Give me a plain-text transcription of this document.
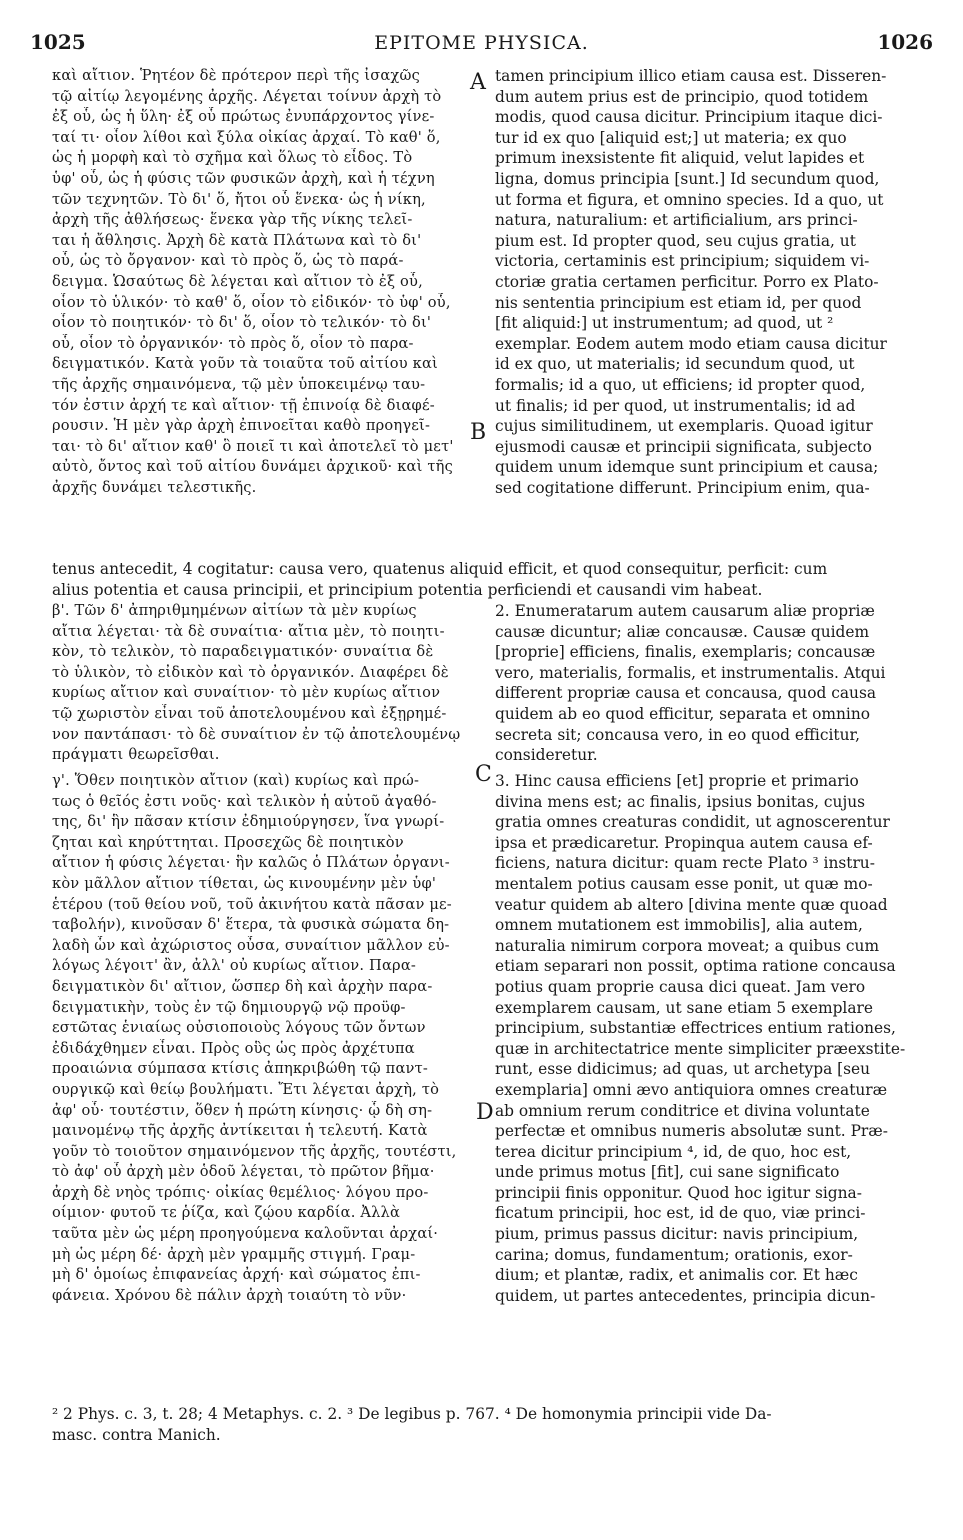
1025	EPITOME PHYSICA.	1026
A
B
C
D
καὶ αἴτιον. Ῥητέον δὲ πρότερον περὶ τῆς ἰσαχῶς
τῷ αἰτίῳ λεγομένης ἀρχῆς. Λέγεται τοίνυν ἀρχὴ τὸ
ἐξ οὗ, ὡς ἡ ὕλη· ἐξ οὗ πρώτως ἐνυπάρχοντος γίνε-
ταί τι· οἷον λίθοι καὶ ξύλα οἰκίας ἀρχαί. Τὸ καθ' ὅ,
ὡς ἡ μορφὴ καὶ τὸ σχῆμα καὶ ὅλως τὸ εἶδος. Τὸ
ὑφ' οὗ, ὡς ἡ φύσις τῶν φυσικῶν ἀρχὴ, καὶ ἡ τέχνη
τῶν τεχνητῶν. Τὸ δι' ὅ, ἤτοι οὗ ἕνεκα· ὡς ἡ νίκη,
ἀρχὴ τῆς ἀθλήσεως· ἕνεκα γὰρ τῆς νίκης τελεῖ-
ται ἡ ἄθλησις. Ἀρχὴ δὲ κατὰ Πλάτωνα καὶ τὸ δι'
οὗ, ὡς τὸ ὄργανον· καὶ τὸ πρὸς ὅ, ὡς τὸ παρά-
δειγμα. Ὡσαύτως δὲ λέγεται καὶ αἴτιον τὸ ἐξ οὗ,
οἷον τὸ ὑλικόν· τὸ καθ' ὅ, οἷον τὸ εἰδικόν· τὸ ὑφ' οὗ,
οἷον τὸ ποιητικόν· τὸ δι' ὅ, οἷον τὸ τελικόν· τὸ δι'
οὗ, οἷον τὸ ὀργανικόν· τὸ πρὸς ὅ, οἷον τὸ παρα-
δειγματικόν. Κατὰ γοῦν τὰ τοιαῦτα τοῦ αἰτίου καὶ
τῆς ἀρχῆς σημαινόμενα, τῷ μὲν ὑποκειμένῳ ταυ-
τόν ἐστιν ἀρχή τε καὶ αἴτιον· τῇ ἐπινοίᾳ δὲ διαφέ-
ρουσιν. Ἡ μὲν γὰρ ἀρχὴ ἐπινοεῖται καθὸ προηγεῖ-
ται· τὸ δι' αἴτιον καθ' ὃ ποιεῖ τι καὶ ἀποτελεῖ τὸ μετ'
αὐτὸ, ὄντος καὶ τοῦ αἰτίου δυνάμει ἀρχικοῦ· καὶ τῆς
ἀρχῆς δυνάμει τελεστικῆς.
tamen principium illico etiam causa est. Disseren-
dum autem prius est de principio, quod totidem
modis, quod causa dicitur. Principium itaque dici-
tur id ex quo [aliquid est;] ut materia; ex quo
primum inexsistente fit aliquid, velut lapides et
ligna, domus principia [sunt.] Id secundum quod,
ut forma et figura, et omnino species. Id a quo, ut
natura, naturalium: et artificialium, ars princi-
pium est. Id propter quod, seu cujus gratia, ut
victoria, certaminis est principium; siquidem vi-
ctoriæ gratia certamen perficitur. Porro ex Plato-
nis sententia principium est etiam id, per quod
[fit aliquid:] ut instrumentum; ad quod, ut ²
exemplar. Eodem autem modo etiam causa dicitur
id ex quo, ut materialis; id secundum quod, ut
formalis; id a quo, ut efficiens; id propter quod,
ut finalis; id per quod, ut instrumentalis; id ad
cujus similitudinem, ut exemplaris. Quoad igitur
ejusmodi causæ et principii significata, subjecto
quidem unum idemque sunt principium et causa;
sed cogitatione differunt. Principium enim, qua-
tenus antecedit, 4 cogitatur: causa vero, quatenus aliquid efficit, et quod consequitur, perficit: cum
alius potentia et causa principii, et principium potentia perficiendi et causandi vim habeat.
β'. Τῶν δ' ἀπηριθμημένων αἰτίων τὰ μὲν κυρίως
αἴτια λέγεται· τὰ δὲ συναίτια· αἴτια μὲν, τὸ ποιητι-
κὸν, τὸ τελικὸν, τὸ παραδειγματικόν· συναίτια δὲ
τὸ ὑλικὸν, τὸ εἰδικὸν καὶ τὸ ὀργανικόν. Διαφέρει δὲ
κυρίως αἴτιον καὶ συναίτιον· τὸ μὲν κυρίως αἴτιον
τῷ χωριστὸν εἶναι τοῦ ἀποτελουμένου καὶ ἐξῃρημέ-
νον παντάπασι· τὸ δὲ συναίτιον ἐν τῷ ἀποτελουμένῳ
πράγματι θεωρεῖσθαι.
2. Enumeratarum autem causarum aliæ propriæ
causæ dicuntur; aliæ concausæ. Causæ quidem
[proprie] efficiens, finalis, exemplaris; concausæ
vero, materialis, formalis, et instrumentalis. Atqui
different propriæ causa et concausa, quod causa
quidem ab eo quod efficitur, separata et omnino
secreta sit; concausa vero, in eo quod efficitur,
consideretur.
γ'. Ὅθεν ποιητικὸν αἴτιον (καὶ) κυρίως καὶ πρώ-
τως ὁ θεῖός ἐστι νοῦς· καὶ τελικὸν ἡ αὐτοῦ ἀγαθό-
της, δι' ἣν πᾶσαν κτίσιν ἐδημιούργησεν, ἵνα γνωρί-
ζηται καὶ κηρύττηται. Προσεχῶς δὲ ποιητικὸν
αἴτιον ἡ φύσις λέγεται· ἣν καλῶς ὁ Πλάτων ὀργανι-
κὸν μᾶλλον αἴτιον τίθεται, ὡς κινουμένην μὲν ὑφ'
ἑτέρου (τοῦ θείου νοῦ, τοῦ ἀκινήτου κατὰ πᾶσαν με-
ταβολήν), κινοῦσαν δ' ἕτερα, τὰ φυσικὰ σώματα δη-
λαδὴ ὧν καὶ ἀχώριστος οὖσα, συναίτιον μᾶλλον εὐ-
λόγως λέγοιτ' ἂν, ἀλλ' οὐ κυρίως αἴτιον. Παρα-
δειγματικὸν δι' αἴτιον, ὥσπερ δὴ καὶ ἀρχὴν παρα-
δειγματικὴν, τοὺς ἐν τῷ δημιουργῷ νῷ προϋφ-
εστῶτας ἑνιαίως οὐσιοποιοὺς λόγους τῶν ὄντων
ἐδιδάχθημεν εἶναι. Πρὸς οὓς ὡς πρὸς ἀρχέτυπα
προαιώνια σύμπασα κτίσις ἀπηκριβώθη τῷ παντ-
ουργικῷ καὶ θείῳ βουλήματι. Ἔτι λέγεται ἀρχὴ, τὸ
ἀφ' οὗ· τουτέστιν, ὅθεν ἡ πρώτη κίνησις· ᾧ δὴ ση-
μαινομένῳ τῆς ἀρχῆς ἀντίκειται ἡ τελευτή. Κατὰ
γοῦν τὸ τοιοῦτον σημαινόμενον τῆς ἀρχῆς, τουτέστι,
τὸ ἀφ' οὗ ἀρχὴ μὲν ὁδοῦ λέγεται, τὸ πρῶτον βῆμα·
ἀρχὴ δὲ νηὸς τρόπις· οἰκίας θεμέλιος· λόγου προ-
οίμιον· φυτοῦ τε ῥίζα, καὶ ζῴου καρδία. Ἀλλὰ
ταῦτα μὲν ὡς μέρη προηγούμενα καλοῦνται ἀρχαί·
μὴ ὡς μέρη δέ· ἀρχὴ μὲν γραμμῆς στιγμή. Γραμ-
μὴ δ' ὁμοίως ἐπιφανείας ἀρχή· καὶ σώματος ἐπι-
φάνεια. Χρόνου δὲ πάλιν ἀρχὴ τοιαύτη τὸ νῦν·
3. Hinc causa efficiens [et] proprie et primario
divina mens est; ac finalis, ipsius bonitas, cujus
gratia omnes creaturas condidit, ut agnoscerentur
ipsa et prædicaretur. Propinqua autem causa ef-
ficiens, natura dicitur: quam recte Plato ³ instru-
mentalem potius causam esse ponit, ut quæ mo-
veatur quidem ab altero [divina mente quæ quoad
omnem mutationem est immobilis], alia autem,
naturalia nimirum corpora moveat; a quibus cum
etiam separari non possit, optima ratione concausa
potius quam proprie causa dici queat. Jam vero
exemplarem causam, ut sane etiam 5 exemplare
principium, substantiæ effectrices entium rationes,
quæ in architectatrice mente simpliciter præexstite-
runt, esse didicimus; ad quas, ut archetypa [seu
exemplaria] omni ævo antiquiora omnes creaturæ
ab omnium rerum conditrice et divina voluntate
perfectæ et omnibus numeris absolutæ sunt. Præ-
terea dicitur principium ⁴, id, de quo, hoc est,
unde primus motus [fit], cui sane significato
principii finis opponitur. Quod hoc igitur signa-
ficatum principii, hoc est, id de quo, viæ princi-
pium, primus passus dicitur: navis principium,
carina; domus, fundamentum; orationis, exor-
dium; et plantæ, radix, et animalis cor. Et hæc
quidem, ut partes antecedentes, principia dicun-
² 2 Phys. c. 3, t. 28; 4 Metaphys. c. 2. ³ De legibus p. 767. ⁴ De homonymia principii vide Da-
masc. contra Manich.
